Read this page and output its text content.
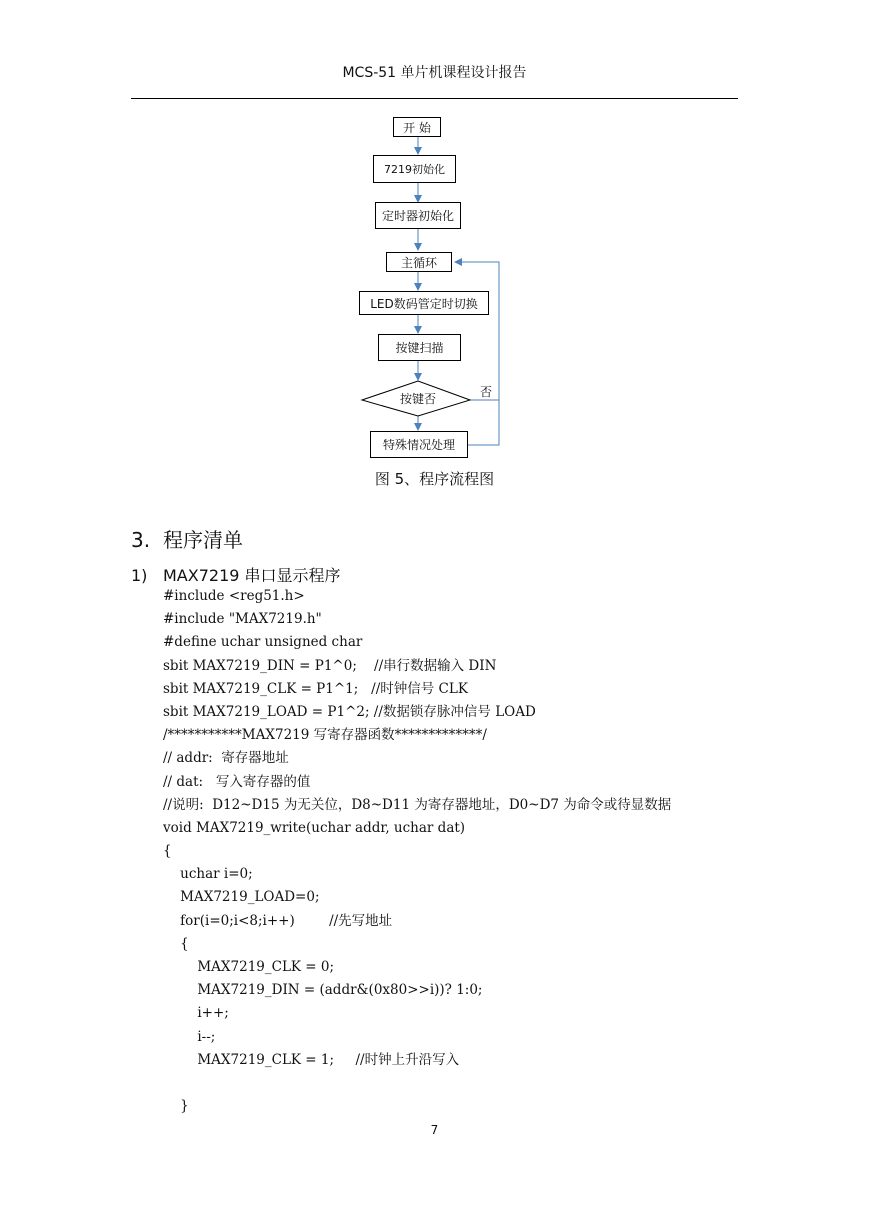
MCS-51 单片机课程设计报告
开 始
7219初始化
定时器初始化
主循环
LED数码管定时切换
按键扫描
按键否	否
特殊情况处理
图 5、程序流程图
3. 程序清单
1) MAX7219 串口显示程序
#include <reg51.h>
#include "MAX7219.h"
#define uchar unsigned char
sbit MAX7219_DIN = P1^0;    //串行数据输入 DIN
sbit MAX7219_CLK = P1^1;   //时钟信号 CLK
sbit MAX7219_LOAD = P1^2; //数据锁存脉冲信号 LOAD
/***********MAX7219 写寄存器函数*************/
// addr:  寄存器地址
// dat:   写入寄存器的值
//说明:  D12~D15 为无关位，D8~D11 为寄存器地址，D0~D7 为命令或待显数据
void MAX7219_write(uchar addr, uchar dat)
{
uchar i=0;
MAX7219_LOAD=0;
for(i=0;i<8;i++)        //先写地址
{
MAX7219_CLK = 0;
MAX7219_DIN = (addr&(0x80>>i))? 1:0;
i++;
i--;
MAX7219_CLK = 1;     //时钟上升沿写入
}
7
